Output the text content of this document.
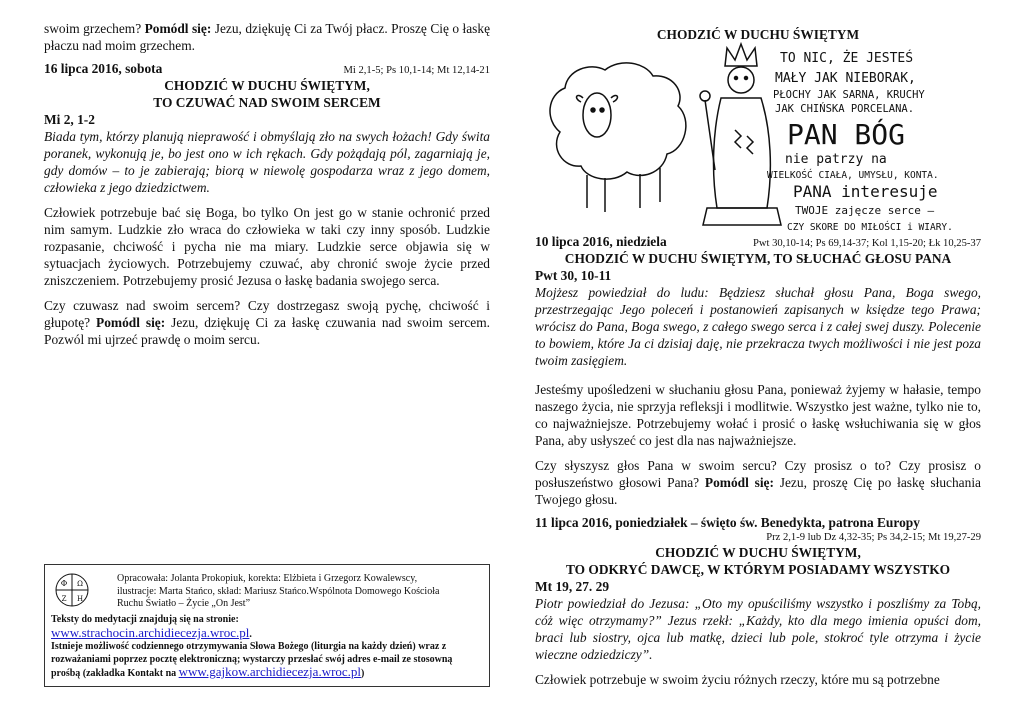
swoim grzechem? Pomódl się: Jezu, dziękuję Ci za Twój płacz. Proszę Cię o łaskę płaczu nad moim grzechem.

16 lipca 2016, sobota	Mi 2,1-5; Ps 10,1-14; Mt 12,14-21

CHODZIĆ W DUCHU ŚWIĘTYM,

TO CZUWAĆ NAD SWOIM SERCEM

Mi 2, 1-2

Biada tym, którzy planują nieprawość i obmyślają zło na swych łożach! Gdy świta poranek, wykonują je, bo jest ono w ich rękach. Gdy pożądają pól, zagarniają je, gdy domów – to je zabierają; biorą w niewolę gospodarza wraz z jego domem, człowieka z jego dziedzictwem.

Człowiek potrzebuje bać się Boga, bo tylko On jest go w stanie ochronić przed nim samym. Ludzkie zło wraca do człowieka w taki czy inny sposób. Ludzkie rozpasanie, chciwość i pycha nie ma miary. Ludzkie serce objawia się w sytuacjach życiowych. Potrzebujemy czuwać, aby chronić swoje życie przed zniszczeniem. Potrzebujemy prosić Jezusa o łaskę badania swojego serca.

Czy czuwasz nad swoim sercem? Czy dostrzegasz swoją pychę, chciwość i głupotę? Pomódl się: Jezu, dziękuję Ci za łaskę czuwania nad swoim sercem. Pozwól mi ujrzeć prawdę o moim sercu.

Φ Ω
Ζ Η
Opracowała: Jolanta Prokopiuk, korekta: Elżbieta i Grzegorz Kowalewscy, ilustracje: Marta Stańco, skład: Mariusz Stańco.Wspólnota Domowego Kościoła Ruchu Światło – Życie „On Jest”
Teksty do medytacji znajdują się na stronie:
www.strachocin.archidiecezja.wroc.pl.
Istnieje możliwość codziennego otrzymywania Słowa Bożego (liturgia na każdy dzień) wraz z rozważaniami poprzez pocztę elektroniczną; wystarczy przesłać swój adres e-mail ze stosowną prośbą (zakładka Kontakt na www.gajkow.archidiecezja.wroc.pl)

CHODZIĆ W DUCHU ŚWIĘTYM

TO NIC, ŻE JESTEŚ
MAŁY JAK NIEBORAK,
PŁOCHY JAK SARNA, KRUCHY
JAK CHIŃSKA PORCELANA.
PAN BÓG
nie patrzy na
WIELKOŚĆ CIAŁA, UMYSŁU, KONTA.
PANA interesuje
TWOJE zajęcze serce –
CZY SKORE DO MIŁOŚCI i WIARY.
10 lipca 2016, niedziela	Pwt 30,10-14; Ps 69,14-37; Kol 1,15-20; Łk 10,25-37

CHODZIĆ W DUCHU ŚWIĘTYM, TO SŁUCHAĆ GŁOSU PANA

Pwt 30, 10-11

Mojżesz powiedział do ludu: Będziesz słuchał głosu Pana, Boga swego, przestrzegając Jego poleceń i postanowień zapisanych w księdze tego Prawa; wrócisz do Pana, Boga swego, z całego swego serca i z całej swej duszy. Polecenie to bowiem, które Ja ci dzisiaj daję, nie przekracza twych możliwości i nie jest poza twoim zasięgiem.

Jesteśmy upośledzeni w słuchaniu głosu Pana, ponieważ żyjemy w hałasie, tempo naszego życia, nie sprzyja refleksji i modlitwie. Wszystko jest ważne, tylko nie to, co najważniejsze. Potrzebujemy wołać i prosić o łaskę wsłuchiwania się w głos Pana, aby usłyszeć co jest dla nas najważniejsze.

Czy słyszysz głos Pana w swoim sercu? Czy prosisz o to? Czy prosisz o posłuszeństwo głosowi Pana? Pomódl się: Jezu, proszę Cię po łaskę słuchania Twojego głosu.

11 lipca 2016, poniedziałek – święto św. Benedykta, patrona Europy

Prz 2,1-9 lub Dz 4,32-35; Ps 34,2-15; Mt 19,27-29

CHODZIĆ W DUCHU ŚWIĘTYM,

TO ODKRYĆ DAWCĘ, W KTÓRYM POSIADAMY WSZYSTKO

Mt 19, 27. 29

Piotr powiedział do Jezusa: „Oto my opuściliśmy wszystko i poszliśmy za Tobą, cóż więc otrzymamy?” Jezus rzekł: „Każdy, kto dla mego imienia opuści dom, braci lub siostry, ojca lub matkę, dzieci lub pole, stokroć tyle otrzyma i życie wieczne odziedziczy”.

Człowiek potrzebuje w swoim życiu różnych rzeczy, które mu są potrzebne
